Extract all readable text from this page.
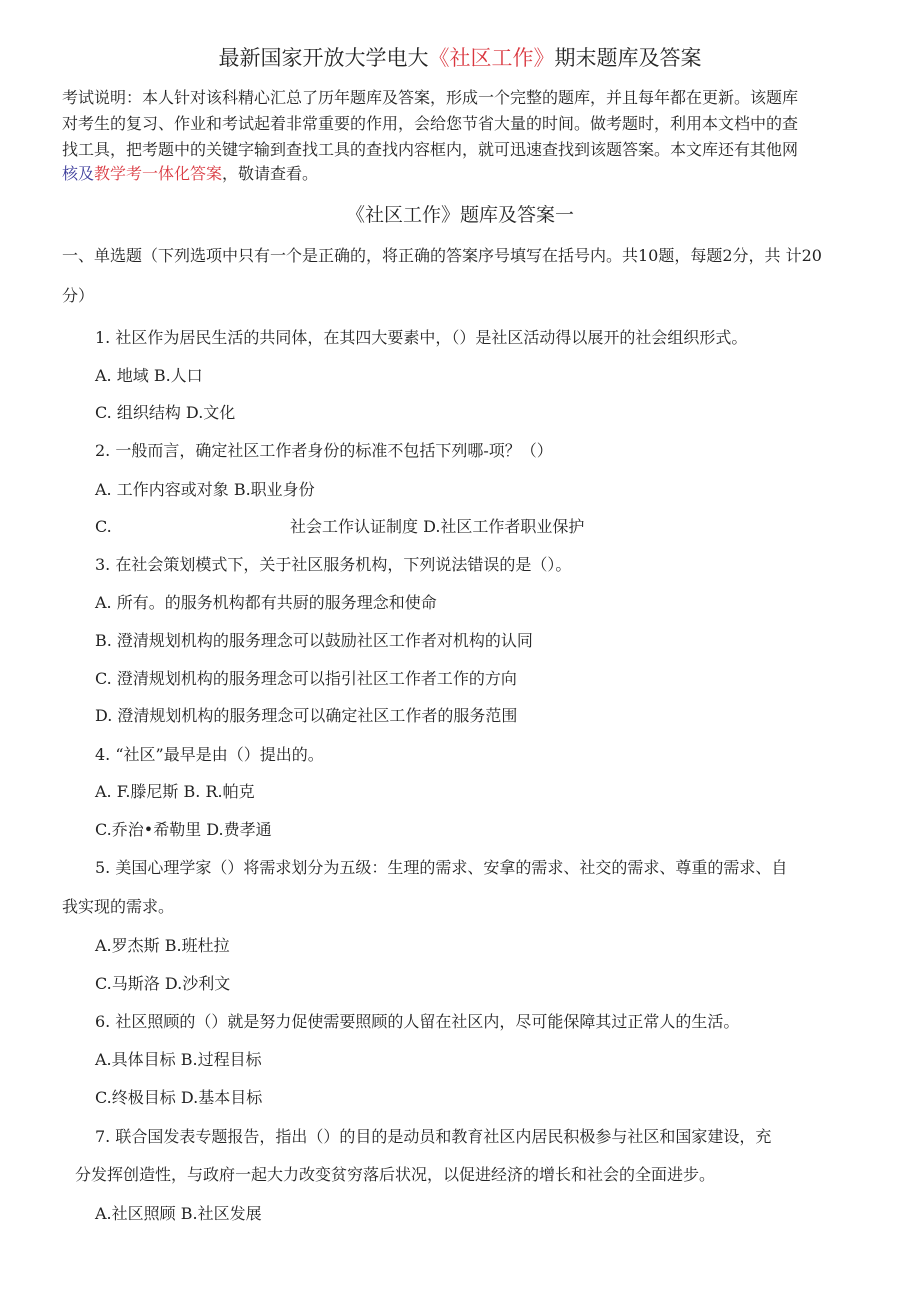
最新国家开放大学电大《社区工作》期末题库及答案
考试说明：本人针对该科精心汇总了历年题库及答案，形成一个完整的题库，并且每年都在更新。该题库
对考生的复习、作业和考试起着非常重要的作用，会给您节省大量的时间。做考题时，利用本文档中的查
找工具，把考题中的关键字输到查找工具的查找内容框内，就可迅速查找到该题答案。本文库还有其他网
核及教学考一体化答案，敬请查看。
《社区工作》题库及答案一
一、单选题（下列选项中只有一个是正确的，将正确的答案序号填写在括号内。共10题，每题2分，共 计20
分）
1. 社区作为居民生活的共同体，在其四大要素中，（）是社区活动得以展开的社会组织形式。
A. 地域 B.人口
C. 组织结构 D.文化
2. 一般而言，确定社区工作者身份的标准不包括下列哪-项？（）
A. 工作内容或对象 B.职业身份
C.	社会工作认证制度 D.社区工作者职业保护
3. 在社会策划模式下，关于社区服务机构，下列说法错误的是（）。
A. 所有。的服务机构都有共厨的服务理念和使命
B. 澄清规划机构的服务理念可以鼓励社区工作者对机构的认同
C. 澄清规划机构的服务理念可以指引社区工作者工作的方向
D. 澄清规划机构的服务理念可以确定社区工作者的服务范围
4. “社区”最早是由（）提出的。
A. F.滕尼斯 B. R.帕克
C.乔治•希勒里 D.费孝通
5. 美国心理学家（）将需求划分为五级：生理的需求、安拿的需求、社交的需求、尊重的需求、自
我实现的需求。
A.罗杰斯 B.班杜拉
C.马斯洛 D.沙利文
6. 社区照顾的（）就是努力促使需要照顾的人留在社区内，尽可能保障其过正常人的生活。
A.具体目标 B.过程目标
C.终极目标 D.基本目标
7. 联合国发表专题报告，指出（）的目的是动员和教育社区内居民积极参与社区和国家建设，充
分发挥创造性，与政府一起大力改变贫穷落后状况，以促进经济的增长和社会的全面进步。
A.社区照顾 B.社区发展
